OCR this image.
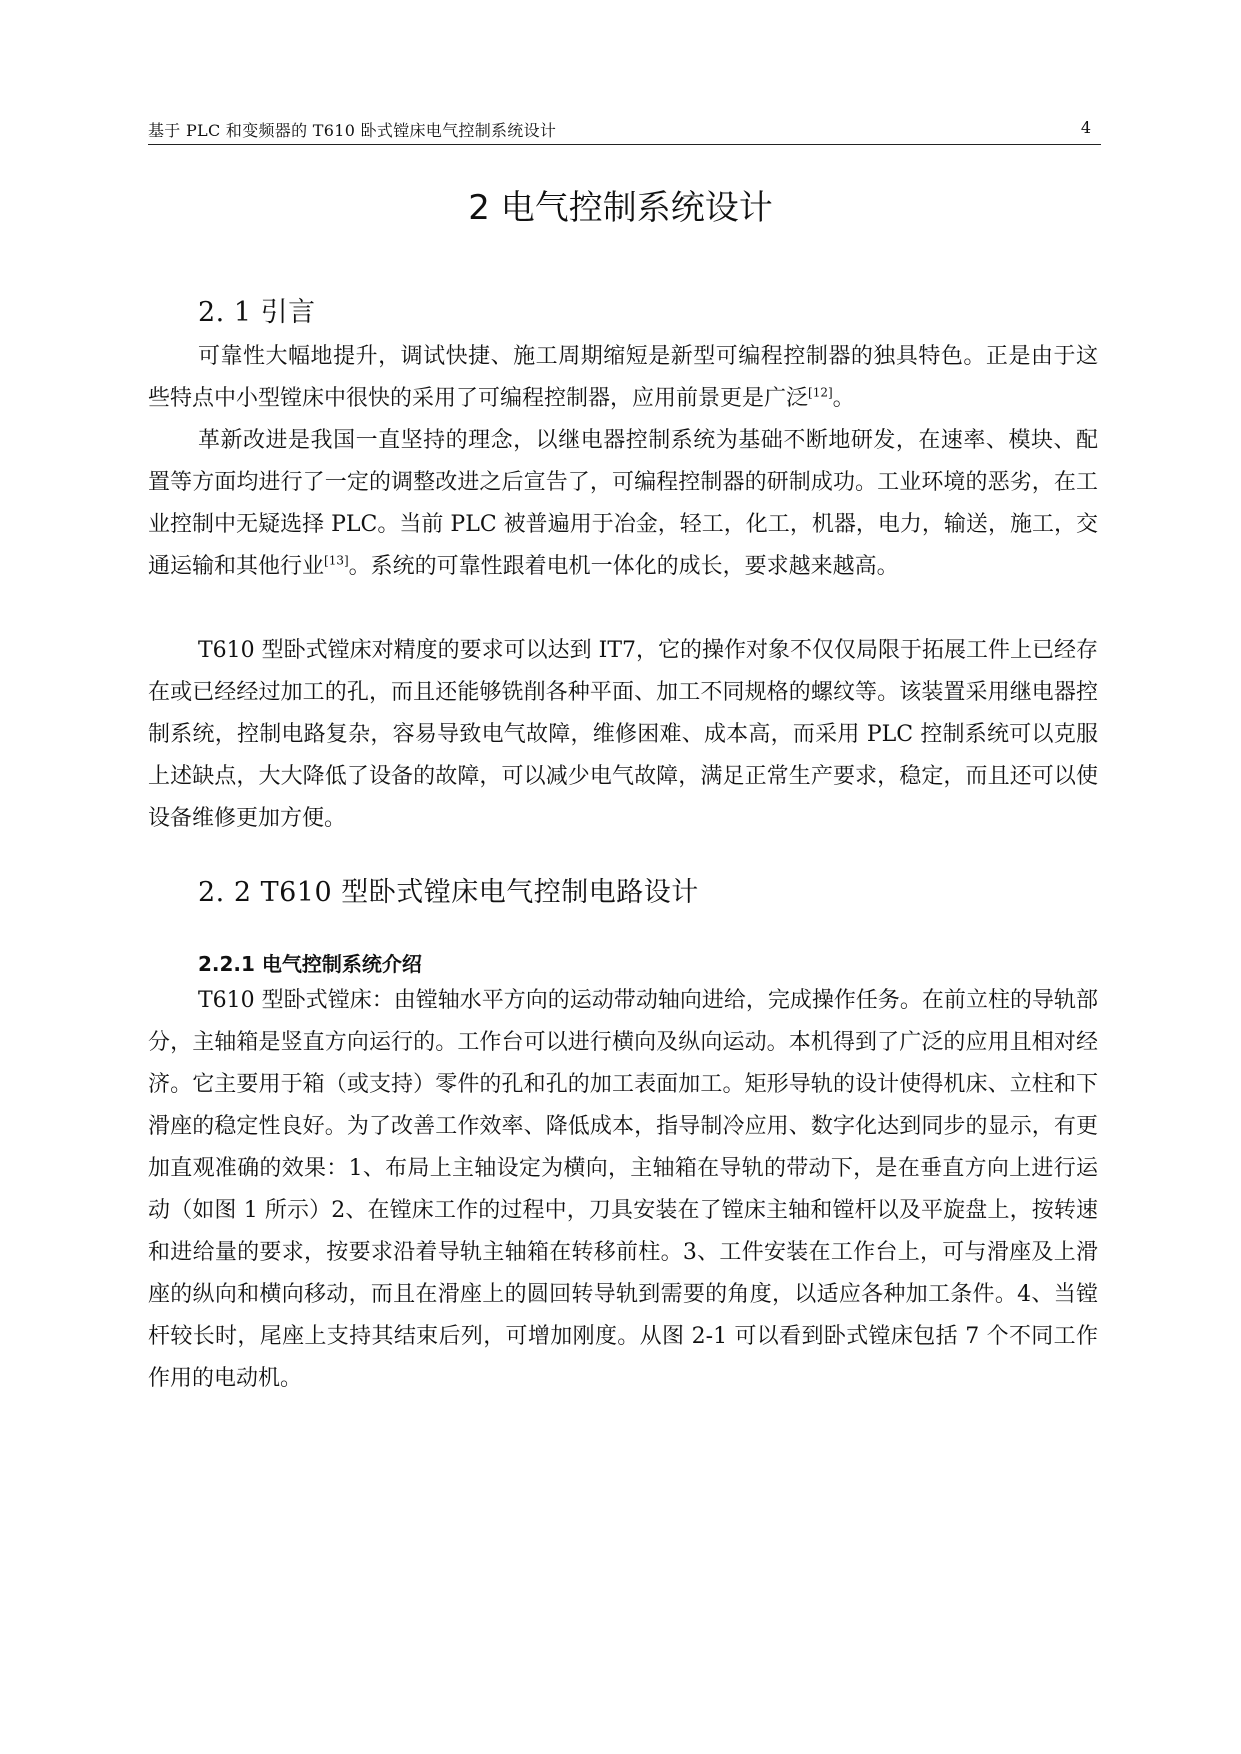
基于 PLC 和变频器的 T610 卧式镗床电气控制系统设计	4
2 电气控制系统设计
2. 1 引言

可靠性大幅地提升，调试快捷、施工周期缩短是新型可编程控制器的独具特色。正是由于这些特点中小型镗床中很快的采用了可编程控制器，应用前景更是广泛[12]。

革新改进是我国一直坚持的理念，以继电器控制系统为基础不断地研发，在速率、模块、配置等方面均进行了一定的调整改进之后宣告了，可编程控制器的研制成功。工业环境的恶劣，在工业控制中无疑选择 PLC。当前 PLC 被普遍用于冶金，轻工，化工，机器，电力，输送，施工，交通运输和其他行业[13]。系统的可靠性跟着电机一体化的成长，要求越来越高。

T610 型卧式镗床对精度的要求可以达到 IT7，它的操作对象不仅仅局限于拓展工件上已经存在或已经经过加工的孔，而且还能够铣削各种平面、加工不同规格的螺纹等。该装置采用继电器控制系统，控制电路复杂，容易导致电气故障，维修困难、成本高，而采用 PLC 控制系统可以克服上述缺点，大大降低了设备的故障，可以减少电气故障，满足正常生产要求，稳定，而且还可以使设备维修更加方便。

2. 2 T610 型卧式镗床电气控制电路设计
2.2.1 电气控制系统介绍

T610 型卧式镗床：由镗轴水平方向的运动带动轴向进给，完成操作任务。在前立柱的导轨部分，主轴箱是竖直方向运行的。工作台可以进行横向及纵向运动。本机得到了广泛的应用且相对经济。它主要用于箱（或支持）零件的孔和孔的加工表面加工。矩形导轨的设计使得机床、立柱和下滑座的稳定性良好。为了改善工作效率、降低成本，指导制冷应用、数字化达到同步的显示，有更加直观准确的效果：1、布局上主轴设定为横向，主轴箱在导轨的带动下，是在垂直方向上进行运动（如图 1 所示）2、在镗床工作的过程中，刀具安装在了镗床主轴和镗杆以及平旋盘上，按转速和进给量的要求，按要求沿着导轨主轴箱在转移前柱。3、工件安装在工作台上，可与滑座及上滑座的纵向和横向移动，而且在滑座上的圆回转导轨到需要的角度，以适应各种加工条件。4、当镗杆较长时，尾座上支持其结束后列，可增加刚度。从图 2-1 可以看到卧式镗床包括 7 个不同工作作用的电动机。
